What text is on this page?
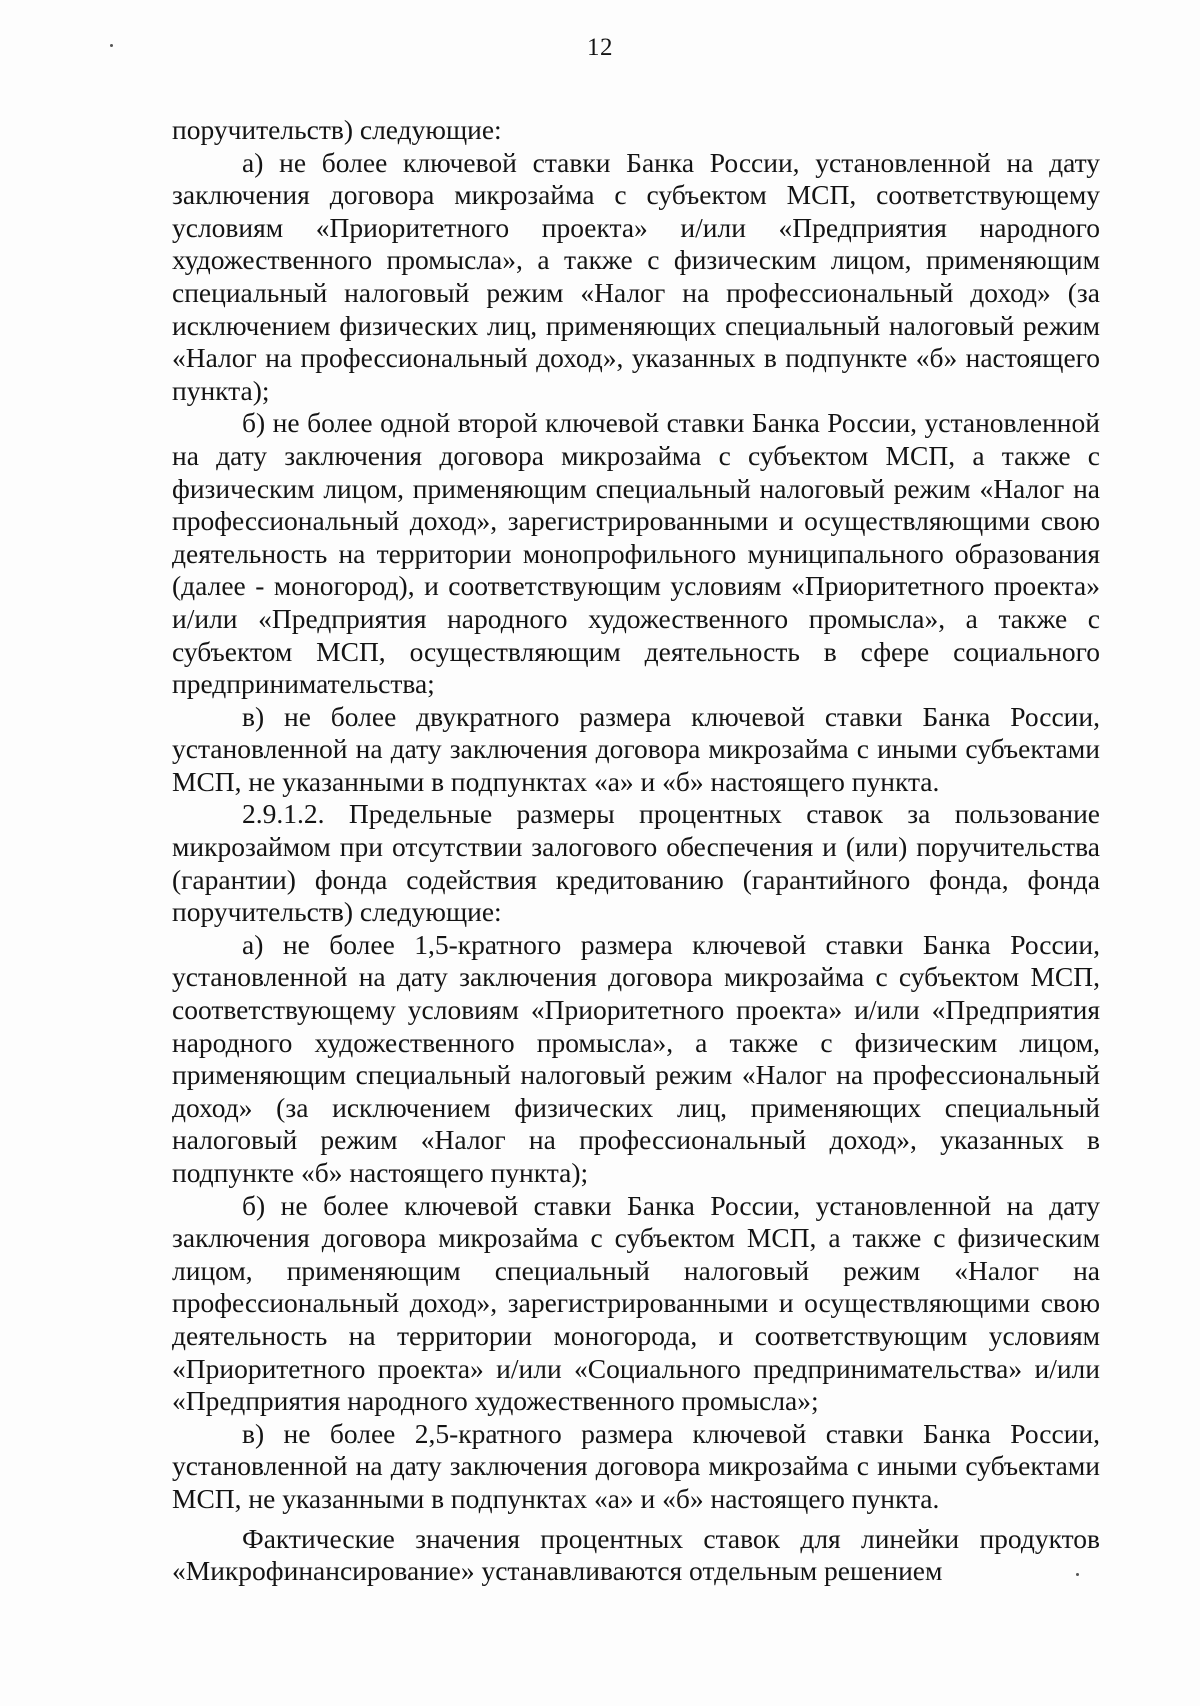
12

поручительств) следующие:

а) не более ключевой ставки Банка России, установленной на дату заключения договора микрозайма с субъектом МСП, соответствующему условиям «Приоритетного проекта» и/или «Предприятия народного художественного промысла», а также с физическим лицом, применяющим специальный налоговый режим «Налог на профессиональный доход» (за исключением физических лиц, применяющих специальный налоговый режим «Налог на профессиональный доход», указанных в подпункте «б» настоящего пункта);

б) не более одной второй ключевой ставки Банка России, установленной на дату заключения договора микрозайма с субъектом МСП, а также с физическим лицом, применяющим специальный налоговый режим «Налог на профессиональный доход», зарегистрированными и осуществляющими свою деятельность на территории монопрофильного муниципального образования (далее - моногород), и соответствующим условиям «Приоритетного проекта» и/или «Предприятия народного художественного промысла», а также с субъектом МСП, осуществляющим деятельность в сфере социального предпринимательства;

в) не более двукратного размера ключевой ставки Банка России, установленной на дату заключения договора микрозайма с иными субъектами МСП, не указанными в подпунктах «а» и «б» настоящего пункта.

2.9.1.2. Предельные размеры процентных ставок за пользование микрозаймом при отсутствии залогового обеспечения и (или) поручительства (гарантии) фонда содействия кредитованию (гарантийного фонда, фонда поручительств) следующие:

а) не более 1,5-кратного размера ключевой ставки Банка России, установленной на дату заключения договора микрозайма с субъектом МСП, соответствующему условиям «Приоритетного проекта» и/или «Предприятия народного художественного промысла», а также с физическим лицом, применяющим специальный налоговый режим «Налог на профессиональный доход» (за исключением физических лиц, применяющих специальный налоговый режим «Налог на профессиональный доход», указанных в подпункте «б» настоящего пункта);

б) не более ключевой ставки Банка России, установленной на дату заключения договора микрозайма с субъектом МСП, а также с физическим лицом, применяющим специальный налоговый режим «Налог на профессиональный доход», зарегистрированными и осуществляющими свою деятельность на территории моногорода, и соответствующим условиям «Приоритетного проекта» и/или «Социального предпринимательства» и/или «Предприятия народного художественного промысла»;

в) не более 2,5-кратного размера ключевой ставки Банка России, установленной на дату заключения договора микрозайма с иными субъектами МСП, не указанными в подпунктах «а» и «б» настоящего пункта.

Фактические значения процентных ставок для линейки продуктов «Микрофинансирование» устанавливаются отдельным решением
